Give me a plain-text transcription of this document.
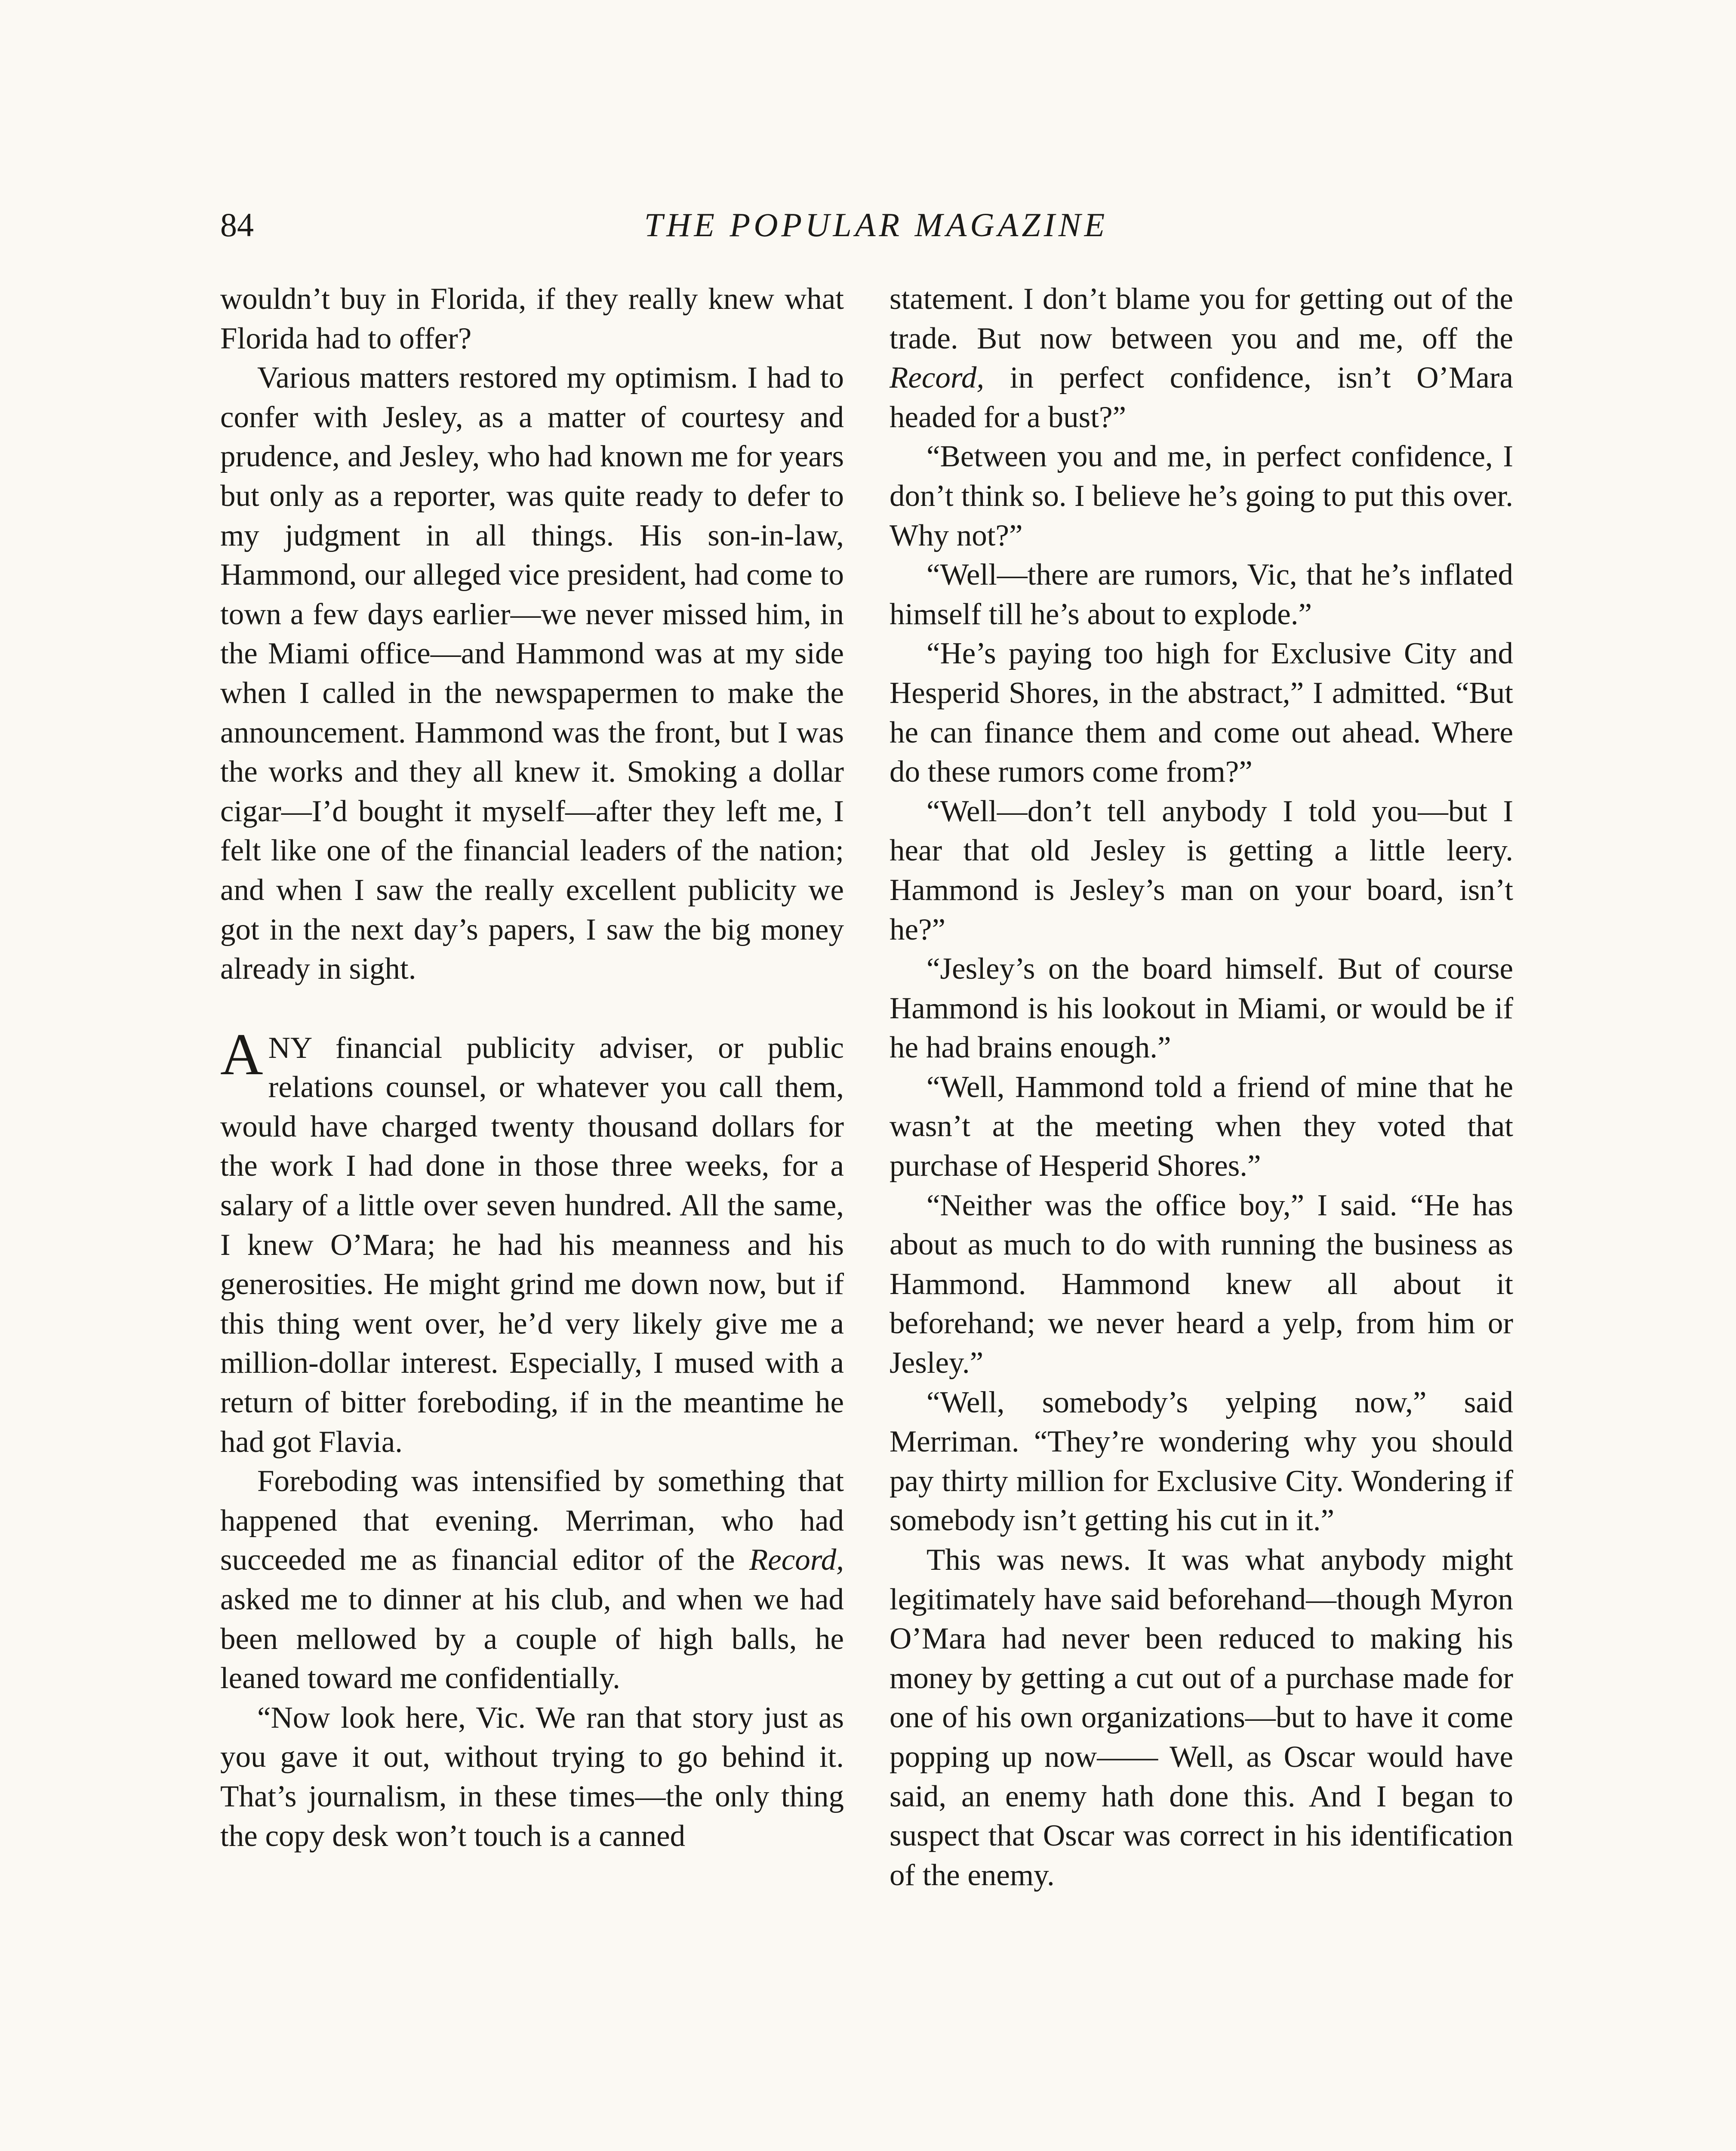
84	THE POPULAR MAGAZINE

wouldn’t buy in Florida, if they really knew what Florida had to offer?

Various matters restored my optimism. I had to confer with Jesley, as a matter of courtesy and prudence, and Jesley, who had known me for years but only as a reporter, was quite ready to defer to my judgment in all things. His son-in-law, Hammond, our alleged vice president, had come to town a few days earlier—we never missed him, in the Miami office—and Hammond was at my side when I called in the newspapermen to make the announcement. Hammond was the front, but I was the works and they all knew it. Smoking a dollar cigar—I’d bought it myself—after they left me, I felt like one of the financial leaders of the nation; and when I saw the really excellent publicity we got in the next day’s papers, I saw the big money already in sight.

ANY financial publicity adviser, or public relations counsel, or whatever you call them, would have charged twenty thousand dollars for the work I had done in those three weeks, for a salary of a little over seven hundred. All the same, I knew O’Mara; he had his meanness and his generosities. He might grind me down now, but if this thing went over, he’d very likely give me a million-dollar interest. Especially, I mused with a return of bitter foreboding, if in the meantime he had got Flavia.

Foreboding was intensified by something that happened that evening. Merriman, who had succeeded me as financial editor of the Record, asked me to dinner at his club, and when we had been mellowed by a couple of high balls, he leaned toward me confidentially.

“Now look here, Vic. We ran that story just as you gave it out, without trying to go behind it. That’s journalism, in these times—the only thing the copy desk won’t touch is a canned

statement. I don’t blame you for getting out of the trade. But now between you and me, off the Record, in perfect confidence, isn’t O’Mara headed for a bust?”

“Between you and me, in perfect confidence, I don’t think so. I believe he’s going to put this over. Why not?”

“Well—there are rumors, Vic, that he’s inflated himself till he’s about to explode.”

“He’s paying too high for Exclusive City and Hesperid Shores, in the abstract,” I admitted. “But he can finance them and come out ahead. Where do these rumors come from?”

“Well—don’t tell anybody I told you—but I hear that old Jesley is getting a little leery. Hammond is Jesley’s man on your board, isn’t he?”

“Jesley’s on the board himself. But of course Hammond is his lookout in Miami, or would be if he had brains enough.”

“Well, Hammond told a friend of mine that he wasn’t at the meeting when they voted that purchase of Hesperid Shores.”

“Neither was the office boy,” I said. “He has about as much to do with running the business as Hammond. Hammond knew all about it beforehand; we never heard a yelp, from him or Jesley.”

“Well, somebody’s yelping now,” said Merriman. “They’re wondering why you should pay thirty million for Exclusive City. Wondering if somebody isn’t getting his cut in it.”

This was news. It was what anybody might legitimately have said beforehand—though Myron O’Mara had never been reduced to making his money by getting a cut out of a purchase made for one of his own organizations—but to have it come popping up now—— Well, as Oscar would have said, an enemy hath done this. And I began to suspect that Oscar was correct in his identification of the enemy.
